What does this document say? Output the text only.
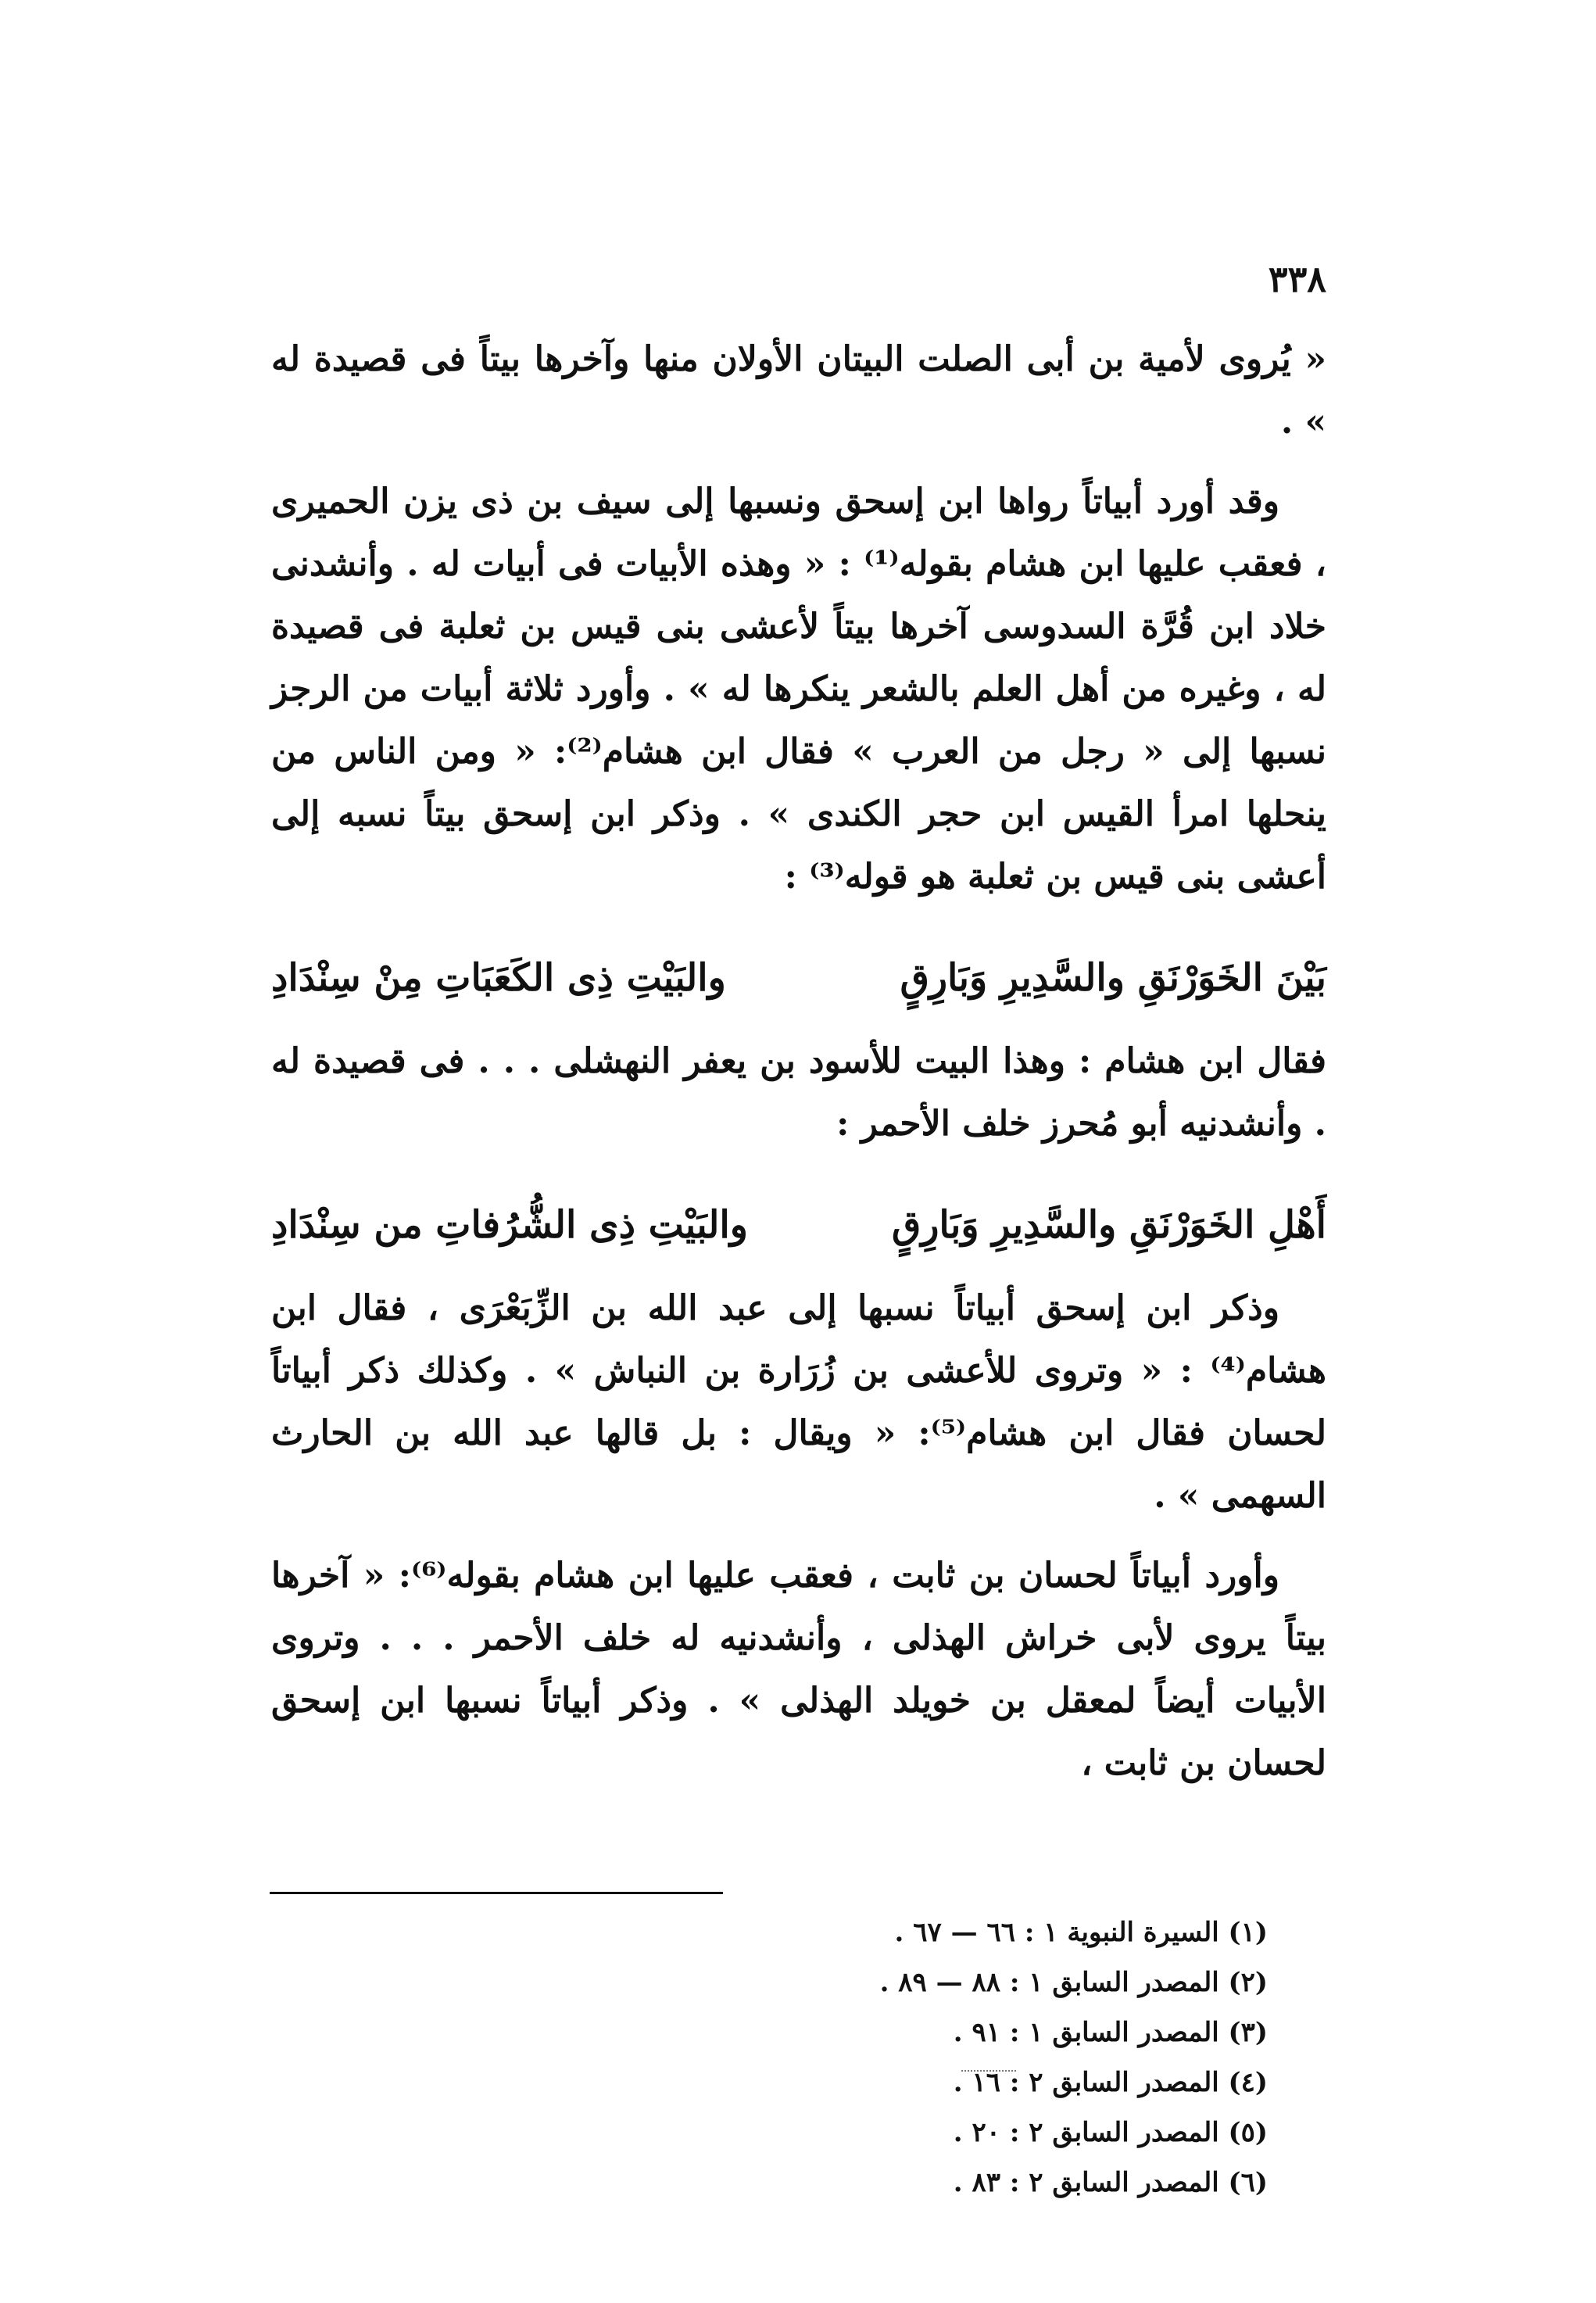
٣٣٨

« يُروى لأمية بن أبى الصلت البيتان الأولان منها وآخرها بيتاً فى قصيدة له » .

وقد أورد أبياتاً رواها ابن إسحق ونسبها إلى سيف بن ذى يزن الحميرى ، فعقب عليها ابن هشام بقوله⁽¹⁾ : « وهذه الأبيات فى أبيات له . وأنشدنى خلاد ابن قُرَّة السدوسى آخرها بيتاً لأعشى بنى قيس بن ثعلبة فى قصيدة له ، وغيره من أهل العلم بالشعر ينكرها له » . وأورد ثلاثة أبيات من الرجز نسبها إلى « رجل من العرب » فقال ابن هشام⁽²⁾: « ومن الناس من ينحلها امرأ القيس ابن حجر الكندى » . وذكر ابن إسحق بيتاً نسبه إلى أعشى بنى قيس بن ثعلبة هو قوله⁽³⁾ :

بَيْنَ الخَوَرْنَقِ والسَّدِيرِ وَبَارِقٍ
والبَيْتِ ذِى الكَعَبَاتِ مِنْ سِنْدَادِ

فقال ابن هشام : وهذا البيت للأسود بن يعفر النهشلى . . . فى قصيدة له . وأنشدنيه أبو مُحرز خلف الأحمر :

أَهْلِ الخَوَرْنَقِ والسَّدِيرِ وَبَارِقٍ
والبَيْتِ ذِى الشُّرُفاتِ من سِنْدَادِ

وذكر ابن إسحق أبياتاً نسبها إلى عبد الله بن الزِّبَعْرَى ، فقال ابن هشام⁽⁴⁾ : « وتروى للأعشى بن زُرَارة بن النباش » . وكذلك ذكر أبياتاً لحسان فقال ابن هشام⁽⁵⁾: « ويقال : بل قالها عبد الله بن الحارث السهمى » .

وأورد أبياتاً لحسان بن ثابت ، فعقب عليها ابن هشام بقوله⁽⁶⁾: « آخرها بيتاً يروى لأبى خراش الهذلى ، وأنشدنيه له خلف الأحمر . . . وتروى الأبيات أيضاً لمعقل بن خويلد الهذلى » . وذكر أبياتاً نسبها ابن إسحق لحسان بن ثابت ،

(١) السيرة النبوية ١ : ٦٦ — ٦٧ .
(٢) المصدر السابق ١ : ٨٨ — ٨٩ .
(٣) المصدر السابق ١ : ٩١ .
(٤) المصدر السابق ٢ : ١٦ .
(٥) المصدر السابق ٢ : ٢٠ .
(٦) المصدر السابق ٢ : ٨٣ .
